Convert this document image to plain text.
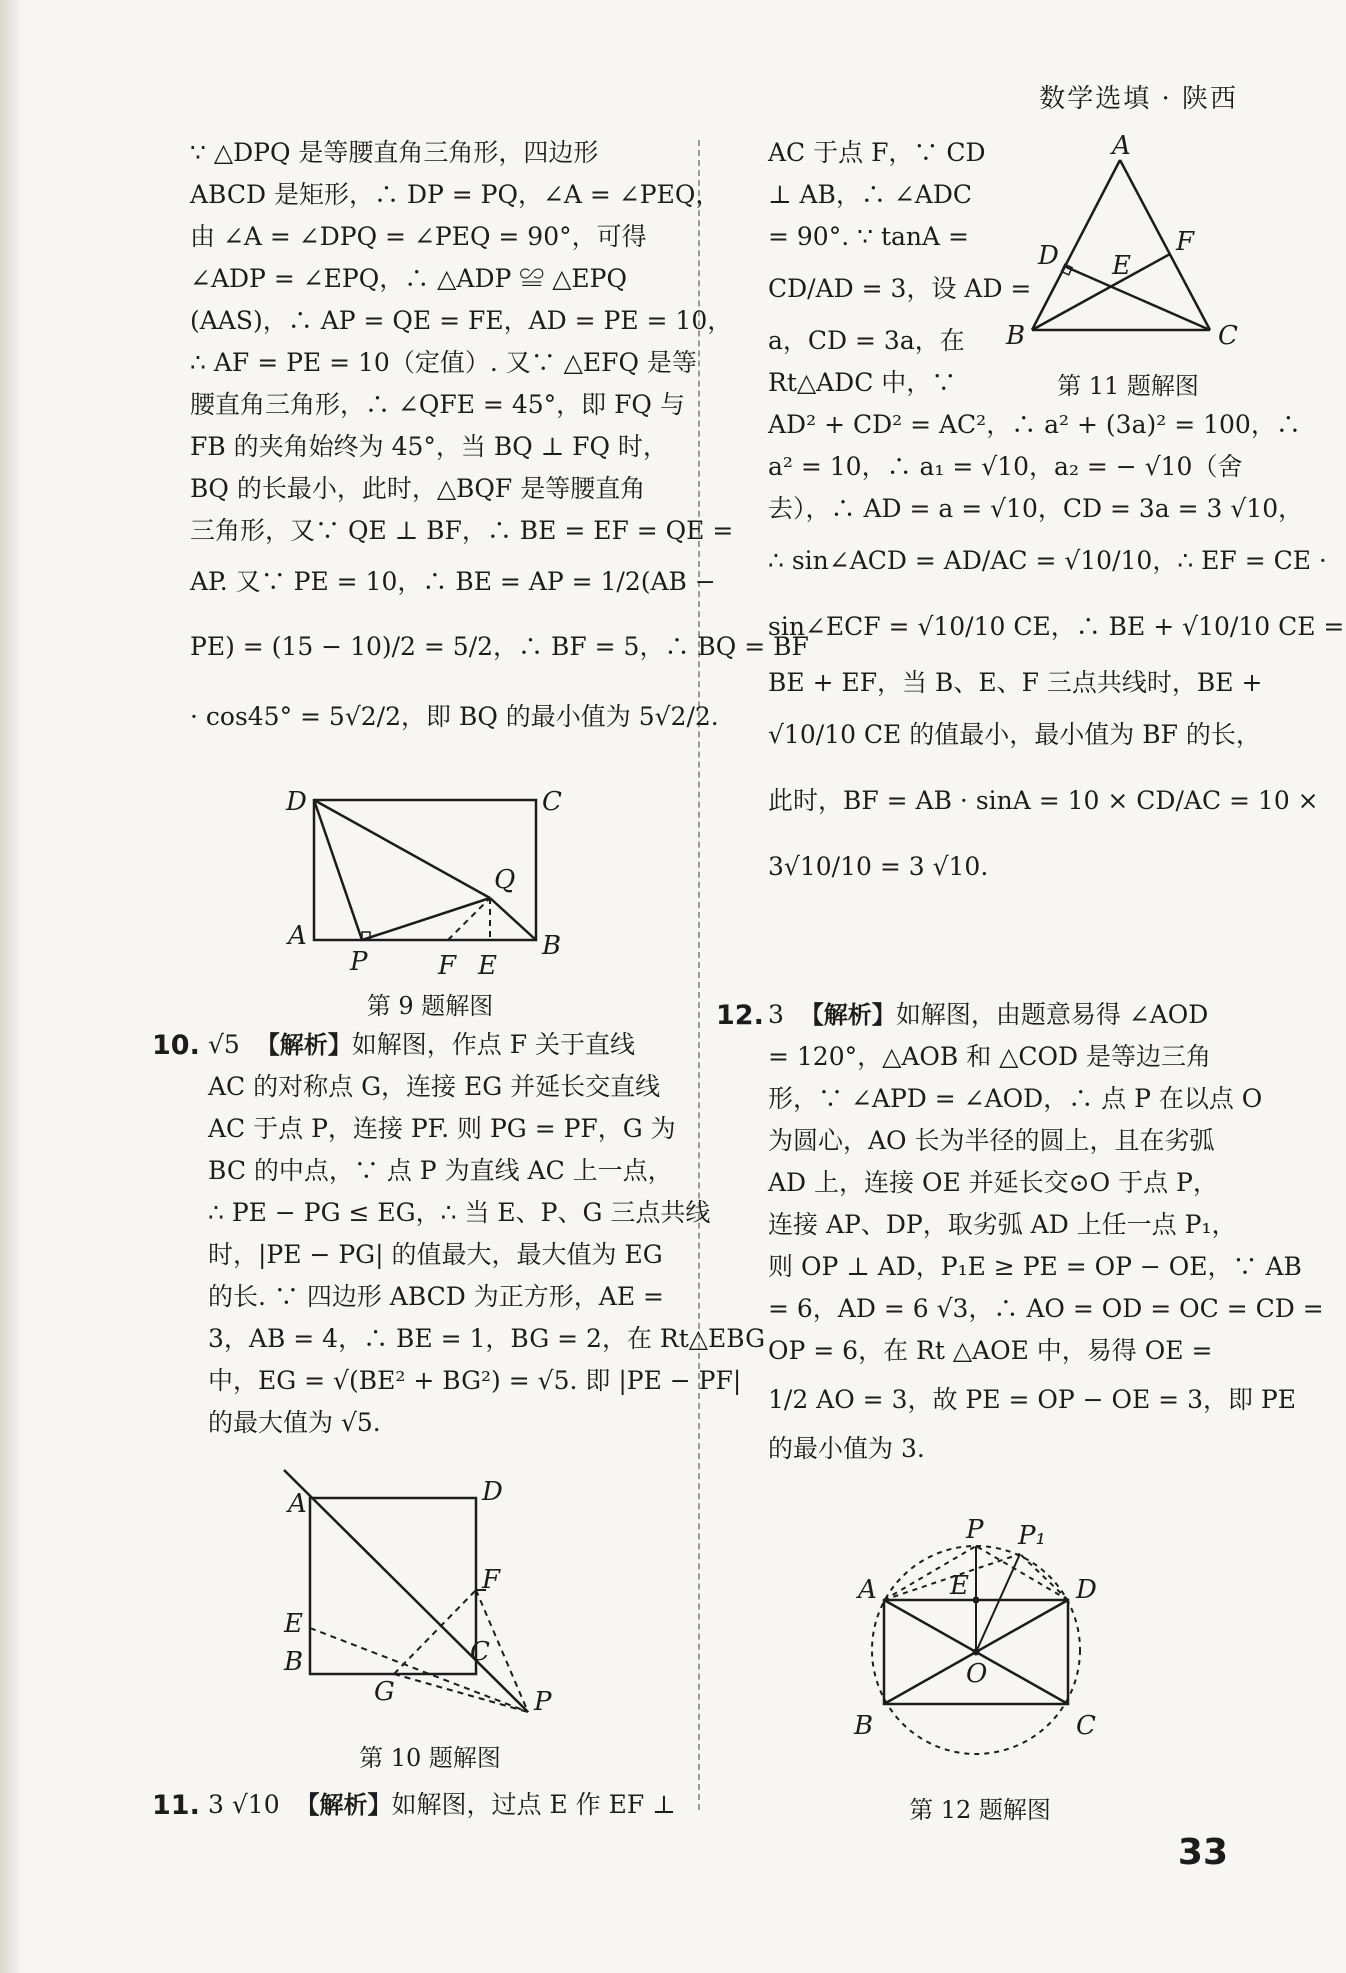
数学选填 · 陕西
∵ △DPQ 是等腰直角三角形，四边形
ABCD 是矩形，∴ DP = PQ，∠A = ∠PEQ，
由 ∠A = ∠DPQ = ∠PEQ = 90°，可得
∠ADP = ∠EPQ，∴ △ADP ≌ △EPQ
(AAS)，∴ AP = QE = FE，AD = PE = 10，
∴ AF = PE = 10（定值）. 又∵ △EFQ 是等
腰直角三角形，∴ ∠QFE = 45°，即 FQ 与
FB 的夹角始终为 45°，当 BQ ⊥ FQ 时，
BQ 的长最小，此时，△BQF 是等腰直角
三角形，又∵ QE ⊥ BF，∴ BE = EF = QE =
AP. 又∵ PE = 10，∴ BE = AP = 1/2(AB −
PE) = (15 − 10)/2 = 5/2，∴ BF = 5，∴ BQ = BF
· cos45° = 5√2/2，即 BQ 的最小值为 5√2/2.
D	C
Q
A
P	F E
B
第 9 题解图
10. √5 【解析】如解图，作点 F 关于直线
AC 的对称点 G，连接 EG 并延长交直线
AC 于点 P，连接 PF. 则 PG = PF，G 为
BC 的中点，∵ 点 P 为直线 AC 上一点，
∴ PE − PG ≤ EG，∴ 当 E、P、G 三点共线
时，|PE − PG| 的值最大，最大值为 EG
的长. ∵ 四边形 ABCD 为正方形，AE =
3，AB = 4，∴ BE = 1，BG = 2，在 Rt△EBG
中，EG = √(BE² + BG²) = √5. 即 |PE − PF|
的最大值为 √5.
A	D
F
E
B
G
C
P
第 10 题解图
11. 3 √10 【解析】如解图，过点 E 作 EF ⊥
AC 于点 F，∵ CD
⊥ AB，∴ ∠ADC
= 90°. ∵ tanA =
CD/AD = 3，设 AD =
a，CD = 3a，在
Rt△ADC 中，∵
AD² + CD² = AC²，∴ a² + (3a)² = 100，∴
a² = 10，∴ a₁ = √10，a₂ = − √10（舍
去），∴ AD = a = √10，CD = 3a = 3 √10，
∴ sin∠ACD = AD/AC = √10/10，∴ EF = CE ·
sin∠ECF = √10/10 CE，∴ BE + √10/10 CE =
BE + EF，当 B、E、F 三点共线时，BE +
√10/10 CE 的值最小，最小值为 BF 的长，
此时，BF = AB · sinA = 10 × CD/AC = 10 ×
3√10/10 = 3 √10.
A
D E
F
B	C
第 11 题解图
12. 3 【解析】如解图，由题意易得 ∠AOD
= 120°，△AOB 和 △COD 是等边三角
形，∵ ∠APD = ∠AOD，∴ 点 P 在以点 O
为圆心，AO 长为半径的圆上，且在劣弧
AD 上，连接 OE 并延长交⊙O 于点 P，
连接 AP、DP，取劣弧 AD 上任一点 P₁，
则 OP ⊥ AD，P₁E ≥ PE = OP − OE，∵ AB
= 6，AD = 6 √3，∴ AO = OD = OC = CD =
OP = 6，在 Rt △AOE 中，易得 OE =
1/2 AO = 3，故 PE = OP − OE = 3，即 PE
的最小值为 3.
P P₁
A	E	D
O
B	C
第 12 题解图
33
